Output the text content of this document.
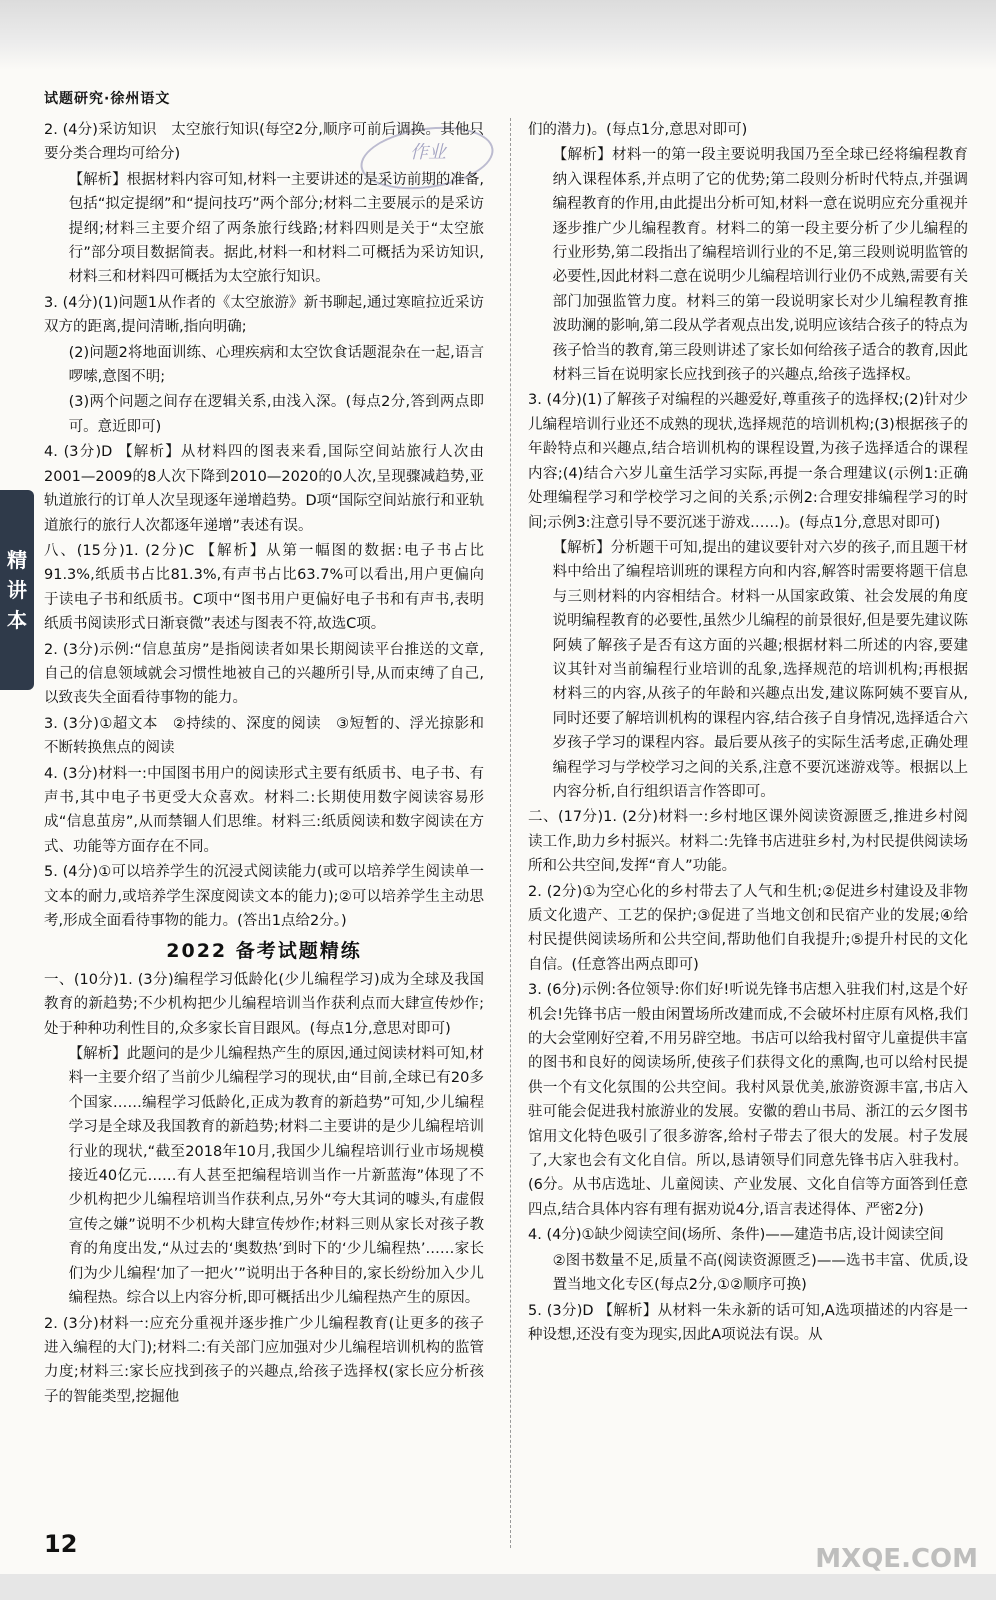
试题研究·徐州语文
作业
精
讲
本

2. (4分)采访知识　太空旅行知识(每空2分,顺序可前后调换。其他只要分类合理均可给分)

【解析】根据材料内容可知,材料一主要讲述的是采访前期的准备,包括“拟定提纲”和“提问技巧”两个部分;材料二主要展示的是采访提纲;材料三主要介绍了两条旅行线路;材料四则是关于“太空旅行”部分项目数据简表。据此,材料一和材料二可概括为采访知识,材料三和材料四可概括为太空旅行知识。

3. (4分)(1)问题1从作者的《太空旅游》新书聊起,通过寒暄拉近采访双方的距离,提问清晰,指向明确;

(2)问题2将地面训练、心理疾病和太空饮食话题混杂在一起,语言啰嗦,意图不明;

(3)两个问题之间存在逻辑关系,由浅入深。(每点2分,答到两点即可。意近即可)

4. (3分)D 【解析】从材料四的图表来看,国际空间站旅行人次由2001—2009的8人次下降到2010—2020的0人次,呈现骤减趋势,亚轨道旅行的订单人次呈现逐年递增趋势。D项“国际空间站旅行和亚轨道旅行的旅行人次都逐年递增”表述有误。

八、(15分)1. (2分)C 【解析】从第一幅图的数据:电子书占比91.3%,纸质书占比81.3%,有声书占比63.7%可以看出,用户更偏向于读电子书和纸质书。C项中“图书用户更偏好电子书和有声书,表明纸质书阅读形式日渐衰微”表述与图表不符,故选C项。

2. (3分)示例:“信息茧房”是指阅读者如果长期阅读平台推送的文章,自己的信息领域就会习惯性地被自己的兴趣所引导,从而束缚了自己,以致丧失全面看待事物的能力。

3. (3分)①超文本　②持续的、深度的阅读　③短暂的、浮光掠影和不断转换焦点的阅读

4. (3分)材料一:中国图书用户的阅读形式主要有纸质书、电子书、有声书,其中电子书更受大众喜欢。材料二:长期使用数字阅读容易形成“信息茧房”,从而禁锢人们思维。材料三:纸质阅读和数字阅读在方式、功能等方面存在不同。

5. (4分)①可以培养学生的沉浸式阅读能力(或可以培养学生阅读单一文本的耐力,或培养学生深度阅读文本的能力);②可以培养学生主动思考,形成全面看待事物的能力。(答出1点给2分。)

2022 备考试题精练

一、(10分)1. (3分)编程学习低龄化(少儿编程学习)成为全球及我国教育的新趋势;不少机构把少儿编程培训当作获利点而大肆宣传炒作;处于种种功利性目的,众多家长盲目跟风。(每点1分,意思对即可)

【解析】此题问的是少儿编程热产生的原因,通过阅读材料可知,材料一主要介绍了当前少儿编程学习的现状,由“目前,全球已有20多个国家……编程学习低龄化,正成为教育的新趋势”可知,少儿编程学习是全球及我国教育的新趋势;材料二主要讲的是少儿编程培训行业的现状,“截至2018年10月,我国少儿编程培训行业市场规模接近40亿元……有人甚至把编程培训当作一片新蓝海”体现了不少机构把少儿编程培训当作获利点,另外“夸大其词的噱头,有虚假宣传之嫌”说明不少机构大肆宣传炒作;材料三则从家长对孩子教育的角度出发,“从过去的‘奥数热’到时下的‘少儿编程热’……家长们为少儿编程‘加了一把火’”说明出于各种目的,家长纷纷加入少儿编程热。综合以上内容分析,即可概括出少儿编程热产生的原因。

2. (3分)材料一:应充分重视并逐步推广少儿编程教育(让更多的孩子进入编程的大门);材料二:有关部门应加强对少儿编程培训机构的监管力度;材料三:家长应找到孩子的兴趣点,给孩子选择权(家长应分析孩子的智能类型,挖掘他

们的潜力)。(每点1分,意思对即可)

【解析】材料一的第一段主要说明我国乃至全球已经将编程教育纳入课程体系,并点明了它的优势;第二段则分析时代特点,并强调编程教育的作用,由此提出分析可知,材料一意在说明应充分重视并逐步推广少儿编程教育。材料二的第一段主要分析了少儿编程的行业形势,第二段指出了编程培训行业的不足,第三段则说明监管的必要性,因此材料二意在说明少儿编程培训行业仍不成熟,需要有关部门加强监管力度。材料三的第一段说明家长对少儿编程教育推波助澜的影响,第二段从学者观点出发,说明应该结合孩子的特点为孩子恰当的教育,第三段则讲述了家长如何给孩子适合的教育,因此材料三旨在说明家长应找到孩子的兴趣点,给孩子选择权。

3. (4分)(1)了解孩子对编程的兴趣爱好,尊重孩子的选择权;(2)针对少儿编程培训行业还不成熟的现状,选择规范的培训机构;(3)根据孩子的年龄特点和兴趣点,结合培训机构的课程设置,为孩子选择适合的课程内容;(4)结合六岁儿童生活学习实际,再提一条合理建议(示例1:正确处理编程学习和学校学习之间的关系;示例2:合理安排编程学习的时间;示例3:注意引导不要沉迷于游戏……)。(每点1分,意思对即可)

【解析】分析题干可知,提出的建议要针对六岁的孩子,而且题干材料中给出了编程培训班的课程方向和内容,解答时需要将题干信息与三则材料的内容相结合。材料一从国家政策、社会发展的角度说明编程教育的必要性,虽然少儿编程的前景很好,但是要先建议陈阿姨了解孩子是否有这方面的兴趣;根据材料二所述的内容,要建议其针对当前编程行业培训的乱象,选择规范的培训机构;再根据材料三的内容,从孩子的年龄和兴趣点出发,建议陈阿姨不要盲从,同时还要了解培训机构的课程内容,结合孩子自身情况,选择适合六岁孩子学习的课程内容。最后要从孩子的实际生活考虑,正确处理编程学习与学校学习之间的关系,注意不要沉迷游戏等。根据以上内容分析,自行组织语言作答即可。

二、(17分)1. (2分)材料一:乡村地区课外阅读资源匮乏,推进乡村阅读工作,助力乡村振兴。材料二:先锋书店进驻乡村,为村民提供阅读场所和公共空间,发挥“育人”功能。

2. (2分)①为空心化的乡村带去了人气和生机;②促进乡村建设及非物质文化遗产、工艺的保护;③促进了当地文创和民宿产业的发展;④给村民提供阅读场所和公共空间,帮助他们自我提升;⑤提升村民的文化自信。(任意答出两点即可)

3. (6分)示例:各位领导:你们好!听说先锋书店想入驻我们村,这是个好机会!先锋书店一般由闲置场所改建而成,不会破坏村庄原有风格,我们的大会堂刚好空着,不用另辟空地。书店可以给我村留守儿童提供丰富的图书和良好的阅读场所,使孩子们获得文化的熏陶,也可以给村民提供一个有文化氛围的公共空间。我村风景优美,旅游资源丰富,书店入驻可能会促进我村旅游业的发展。安徽的碧山书局、浙江的云夕图书馆用文化特色吸引了很多游客,给村子带去了很大的发展。村子发展了,大家也会有文化自信。所以,恳请领导们同意先锋书店入驻我村。(6分。从书店选址、儿童阅读、产业发展、文化自信等方面答到任意四点,结合具体内容有理有据劝说4分,语言表述得体、严密2分)

4. (4分)①缺少阅读空间(场所、条件)——建造书店,设计阅读空间

②图书数量不足,质量不高(阅读资源匮乏)——选书丰富、优质,设置当地文化专区(每点2分,①②顺序可换)

5. (3分)D 【解析】从材料一朱永新的话可知,A选项描述的内容是一种设想,还没有变为现实,因此A项说法有误。从

12	MXQE.COM
